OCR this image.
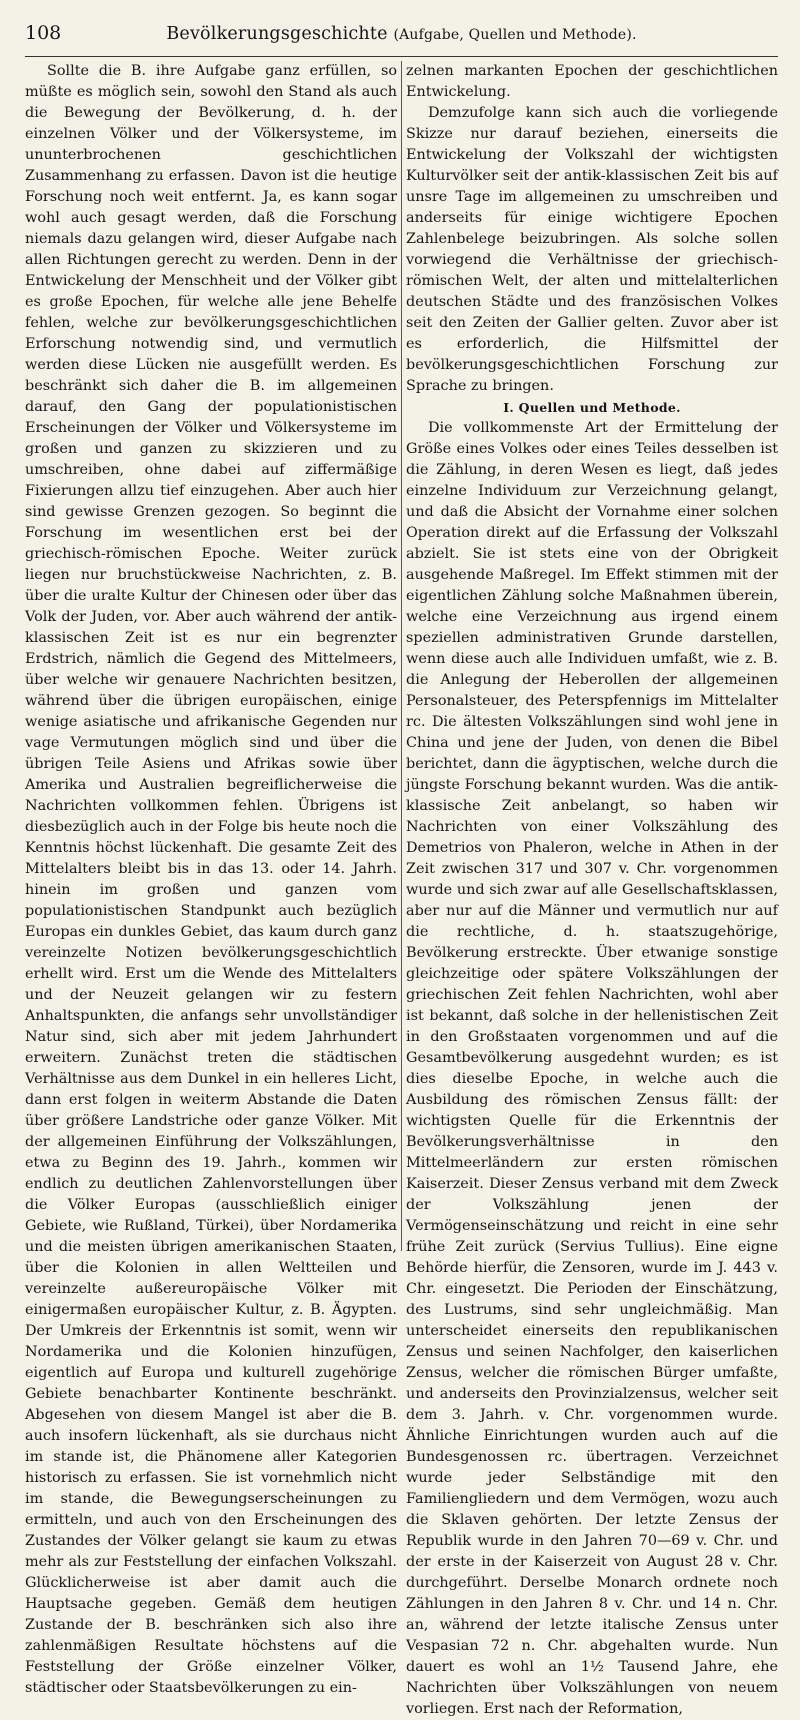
108	Bevölkerungsgeschichte (Aufgabe, Quellen und Methode).

Sollte die B. ihre Aufgabe ganz erfüllen, so müßte es möglich sein, sowohl den Stand als auch die Bewegung der Bevölkerung, d. h. der einzelnen Völker und der Völkersysteme, im ununterbrochenen geschichtlichen Zusammenhang zu erfassen. Davon ist die heutige Forschung noch weit entfernt. Ja, es kann sogar wohl auch gesagt werden, daß die Forschung niemals dazu gelangen wird, dieser Aufgabe nach allen Richtungen gerecht zu werden. Denn in der Entwickelung der Menschheit und der Völker gibt es große Epochen, für welche alle jene Behelfe fehlen, welche zur bevölkerungsgeschichtlichen Erforschung notwendig sind, und vermutlich werden diese Lücken nie ausgefüllt werden. Es beschränkt sich daher die B. im allgemeinen darauf, den Gang der populationistischen Erscheinungen der Völker und Völkersysteme im großen und ganzen zu skizzieren und zu umschreiben, ohne dabei auf ziffermäßige Fixierungen allzu tief einzugehen. Aber auch hier sind gewisse Grenzen gezogen. So beginnt die Forschung im wesentlichen erst bei der griechisch-römischen Epoche. Weiter zurück liegen nur bruchstückweise Nachrichten, z. B. über die uralte Kultur der Chinesen oder über das Volk der Juden, vor. Aber auch während der antik-klassischen Zeit ist es nur ein begrenzter Erdstrich, nämlich die Gegend des Mittelmeers, über welche wir genauere Nachrichten besitzen, während über die übrigen europäischen, einige wenige asiatische und afrikanische Gegenden nur vage Vermutungen möglich sind und über die übrigen Teile Asiens und Afrikas sowie über Amerika und Australien begreiflicherweise die Nachrichten vollkommen fehlen. Übrigens ist diesbezüglich auch in der Folge bis heute noch die Kenntnis höchst lückenhaft. Die gesamte Zeit des Mittelalters bleibt bis in das 13. oder 14. Jahrh. hinein im großen und ganzen vom populationistischen Standpunkt auch bezüglich Europas ein dunkles Gebiet, das kaum durch ganz vereinzelte Notizen bevölkerungsgeschichtlich erhellt wird. Erst um die Wende des Mittelalters und der Neuzeit gelangen wir zu festern Anhaltspunkten, die anfangs sehr unvollständiger Natur sind, sich aber mit jedem Jahrhundert erweitern. Zunächst treten die städtischen Verhältnisse aus dem Dunkel in ein helleres Licht, dann erst folgen in weiterm Abstande die Daten über größere Landstriche oder ganze Völker. Mit der allgemeinen Einführung der Volkszählungen, etwa zu Beginn des 19. Jahrh., kommen wir endlich zu deutlichen Zahlenvorstellungen über die Völker Europas (ausschließlich einiger Gebiete, wie Rußland, Türkei), über Nordamerika und die meisten übrigen amerikanischen Staaten, über die Kolonien in allen Weltteilen und vereinzelte außereuropäische Völker mit einigermaßen europäischer Kultur, z. B. Ägypten. Der Umkreis der Erkenntnis ist somit, wenn wir Nordamerika und die Kolonien hinzufügen, eigentlich auf Europa und kulturell zugehörige Gebiete benachbarter Kontinente beschränkt. Abgesehen von diesem Mangel ist aber die B. auch insofern lückenhaft, als sie durchaus nicht im stande ist, die Phänomene aller Kategorien historisch zu erfassen. Sie ist vornehmlich nicht im stande, die Bewegungserscheinungen zu ermitteln, und auch von den Erscheinungen des Zustandes der Völker gelangt sie kaum zu etwas mehr als zur Feststellung der einfachen Volkszahl. Glücklicherweise ist aber damit auch die Hauptsache gegeben. Gemäß dem heutigen Zustande der B. beschränken sich also ihre zahlenmäßigen Resultate höchstens auf die Feststellung der Größe einzelner Völker, städtischer oder Staatsbevölkerungen zu ein-

zelnen markanten Epochen der geschichtlichen Entwickelung.

Demzufolge kann sich auch die vorliegende Skizze nur darauf beziehen, einerseits die Entwickelung der Volkszahl der wichtigsten Kulturvölker seit der antik-klassischen Zeit bis auf unsre Tage im allgemeinen zu umschreiben und anderseits für einige wichtigere Epochen Zahlenbelege beizubringen. Als solche sollen vorwiegend die Verhältnisse der griechisch-römischen Welt, der alten und mittelalterlichen deutschen Städte und des französischen Volkes seit den Zeiten der Gallier gelten. Zuvor aber ist es erforderlich, die Hilfsmittel der bevölkerungsgeschichtlichen Forschung zur Sprache zu bringen.

I. Quellen und Methode.

Die vollkommenste Art der Ermittelung der Größe eines Volkes oder eines Teiles desselben ist die Zählung, in deren Wesen es liegt, daß jedes einzelne Individuum zur Verzeichnung gelangt, und daß die Absicht der Vornahme einer solchen Operation direkt auf die Erfassung der Volkszahl abzielt. Sie ist stets eine von der Obrigkeit ausgehende Maßregel. Im Effekt stimmen mit der eigentlichen Zählung solche Maßnahmen überein, welche eine Verzeichnung aus irgend einem speziellen administrativen Grunde darstellen, wenn diese auch alle Individuen umfaßt, wie z. B. die Anlegung der Heberollen der allgemeinen Personalsteuer, des Peterspfennigs im Mittelalter rc. Die ältesten Volkszählungen sind wohl jene in China und jene der Juden, von denen die Bibel berichtet, dann die ägyptischen, welche durch die jüngste Forschung bekannt wurden. Was die antik-klassische Zeit anbelangt, so haben wir Nachrichten von einer Volkszählung des Demetrios von Phaleron, welche in Athen in der Zeit zwischen 317 und 307 v. Chr. vorgenommen wurde und sich zwar auf alle Gesellschaftsklassen, aber nur auf die Männer und vermutlich nur auf die rechtliche, d. h. staatszugehörige, Bevölkerung erstreckte. Über etwanige sonstige gleichzeitige oder spätere Volkszählungen der griechischen Zeit fehlen Nachrichten, wohl aber ist bekannt, daß solche in der hellenistischen Zeit in den Großstaaten vorgenommen und auf die Gesamtbevölkerung ausgedehnt wurden; es ist dies dieselbe Epoche, in welche auch die Ausbildung des römischen Zensus fällt: der wichtigsten Quelle für die Erkenntnis der Bevölkerungsverhältnisse in den Mittelmeerländern zur ersten römischen Kaiserzeit. Dieser Zensus verband mit dem Zweck der Volkszählung jenen der Vermögenseinschätzung und reicht in eine sehr frühe Zeit zurück (Servius Tullius). Eine eigne Behörde hierfür, die Zensoren, wurde im J. 443 v. Chr. eingesetzt. Die Perioden der Einschätzung, des Lustrums, sind sehr ungleichmäßig. Man unterscheidet einerseits den republikanischen Zensus und seinen Nachfolger, den kaiserlichen Zensus, welcher die römischen Bürger umfaßte, und anderseits den Provinzialzensus, welcher seit dem 3. Jahrh. v. Chr. vorgenommen wurde. Ähnliche Einrichtungen wurden auch auf die Bundesgenossen rc. übertragen. Verzeichnet wurde jeder Selbständige mit den Familiengliedern und dem Vermögen, wozu auch die Sklaven gehörten. Der letzte Zensus der Republik wurde in den Jahren 70—69 v. Chr. und der erste in der Kaiserzeit von August 28 v. Chr. durchgeführt. Derselbe Monarch ordnete noch Zählungen in den Jahren 8 v. Chr. und 14 n. Chr. an, während der letzte italische Zensus unter Vespasian 72 n. Chr. abgehalten wurde. Nun dauert es wohl an 1½ Tausend Jahre, ehe Nachrichten über Volkszählungen von neuem vorliegen. Erst nach der Reformation,
